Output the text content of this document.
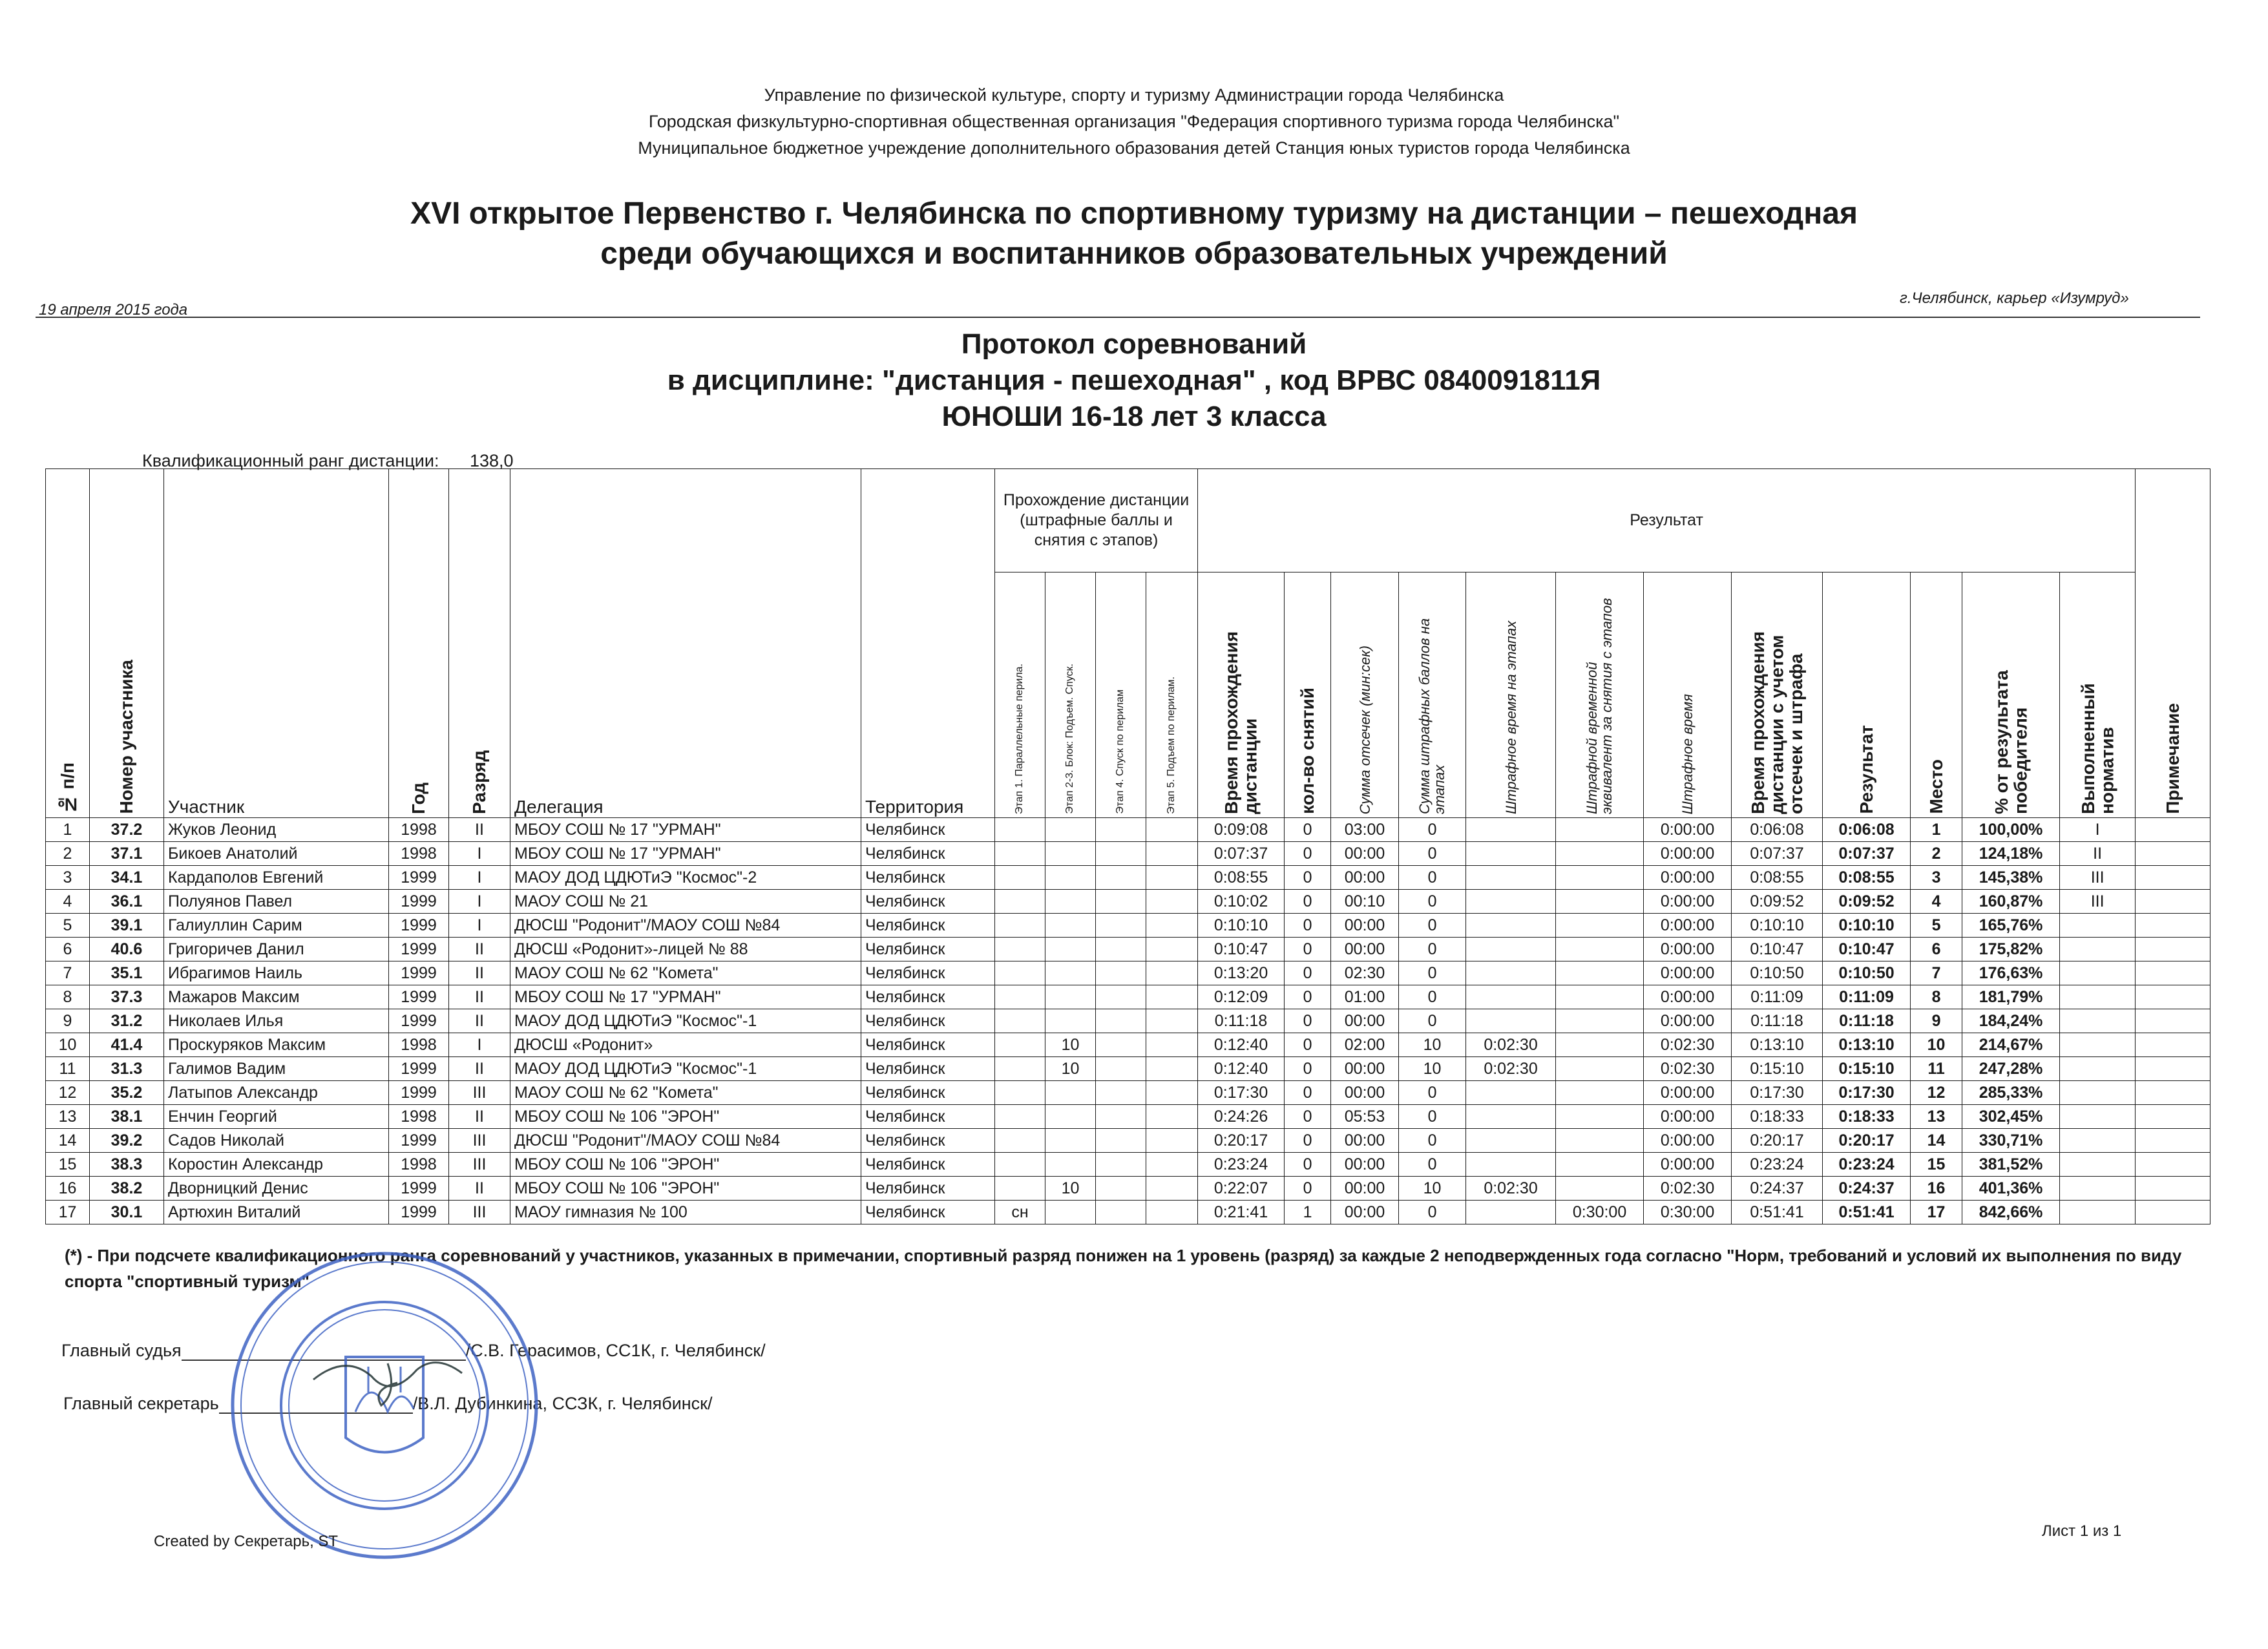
Управление по физической культуре, спорту и туризму Администрации города Челябинска
Городская физкультурно-спортивная общественная организация "Федерация спортивного туризма города Челябинска"
Муниципальное бюджетное учреждение дополнительного образования детей Станция юных туристов города Челябинска
XVI открытое Первенство г. Челябинска по спортивному туризму на дистанции – пешеходная
среди обучающихся и воспитанников образовательных учреждений
19 апреля 2015 года
г.Челябинск, карьер «Изумруд»
Протокол соревнований
в дисциплине: "дистанция - пешеходная" , код ВРВС 0840091811Я
ЮНОШИ 16-18 лет 3 класса
Квалификационный ранг дистанции: 138,0
№ п/п	Номер участника	Участник	Год	Разряд	Делегация	Территория	Прохождение дистанции (штрафные баллы и снятия с этапов)				Результат												Примечание
							Этап 1. Параллельные перила.	Этап 2-3. Блок: Подъем. Спуск.	Этап 4. Спуск по перилам	Этап 5. Подъем по перилам.	Время прохождения дистанции	кол-во снятий	Сумма отсечек (мин:сек)	Сумма штрафных баллов на этапах	Штрафное время на этапах	Штрафной временной эквивалент за снятия с этапов	Штрафное время	Время прохождения дистанции с учетом отсечек и штрафа	Результат	Место	% от результата победителя	Выполненный норматив	
1	37.2	Жуков Леонид	1998	II	МБОУ СОШ № 17 "УРМАН"	Челябинск					0:09:08	0	03:00	0			0:00:00	0:06:08	0:06:08	1	100,00%	I	
2	37.1	Бикоев Анатолий	1998	I	МБОУ СОШ № 17 "УРМАН"	Челябинск					0:07:37	0	00:00	0			0:00:00	0:07:37	0:07:37	2	124,18%	II	
3	34.1	Кардаполов Евгений	1999	I	МАОУ ДОД ЦДЮТиЭ "Космос"-2	Челябинск					0:08:55	0	00:00	0			0:00:00	0:08:55	0:08:55	3	145,38%	III	
4	36.1	Полуянов Павел	1999	I	МАОУ СОШ № 21	Челябинск					0:10:02	0	00:10	0			0:00:00	0:09:52	0:09:52	4	160,87%	III	
5	39.1	Галиуллин Сарим	1999	I	ДЮСШ "Родонит"/МАОУ СОШ №84	Челябинск					0:10:10	0	00:00	0			0:00:00	0:10:10	0:10:10	5	165,76%		
6	40.6	Григоричев Данил	1999	II	ДЮСШ «Родонит»-лицей № 88	Челябинск					0:10:47	0	00:00	0			0:00:00	0:10:47	0:10:47	6	175,82%		
7	35.1	Ибрагимов Наиль	1999	II	МАОУ СОШ № 62 "Комета"	Челябинск					0:13:20	0	02:30	0			0:00:00	0:10:50	0:10:50	7	176,63%		
8	37.3	Мажаров Максим	1999	II	МБОУ СОШ № 17 "УРМАН"	Челябинск					0:12:09	0	01:00	0			0:00:00	0:11:09	0:11:09	8	181,79%		
9	31.2	Николаев Илья	1999	II	МАОУ ДОД ЦДЮТиЭ "Космос"-1	Челябинск					0:11:18	0	00:00	0			0:00:00	0:11:18	0:11:18	9	184,24%		
10	41.4	Проскуряков Максим	1998	I	ДЮСШ «Родонит»	Челябинск		10			0:12:40	0	02:00	10	0:02:30		0:02:30	0:13:10	0:13:10	10	214,67%		
11	31.3	Галимов Вадим	1999	II	МАОУ ДОД ЦДЮТиЭ "Космос"-1	Челябинск		10			0:12:40	0	00:00	10	0:02:30		0:02:30	0:15:10	0:15:10	11	247,28%		
12	35.2	Латыпов Александр	1999	III	МАОУ СОШ № 62 "Комета"	Челябинск					0:17:30	0	00:00	0			0:00:00	0:17:30	0:17:30	12	285,33%		
13	38.1	Енчин Георгий	1998	II	МБОУ СОШ № 106 "ЭРОН"	Челябинск					0:24:26	0	05:53	0			0:00:00	0:18:33	0:18:33	13	302,45%		
14	39.2	Садов Николай	1999	III	ДЮСШ "Родонит"/МАОУ СОШ №84	Челябинск					0:20:17	0	00:00	0			0:00:00	0:20:17	0:20:17	14	330,71%		
15	38.3	Коростин Александр	1998	III	МБОУ СОШ № 106 "ЭРОН"	Челябинск					0:23:24	0	00:00	0			0:00:00	0:23:24	0:23:24	15	381,52%		
16	38.2	Дворницкий Денис	1999	II	МБОУ СОШ № 106 "ЭРОН"	Челябинск		10			0:22:07	0	00:00	10	0:02:30		0:02:30	0:24:37	0:24:37	16	401,36%		
17	30.1	Артюхин Виталий	1999	III	МАОУ гимназия № 100	Челябинск	сн				0:21:41	1	00:00	0		0:30:00	0:30:00	0:51:41	0:51:41	17	842,66%		
(*) - При подсчете квалификационного ранга соревнований у участников, указанных в примечании, спортивный разряд понижен на 1 уровень (разряд) за каждые 2 неподвержденных года согласно "Норм, требований и условий их выполнения по виду спорта "спортивный туризм"
Главный судья	/С.В. Герасимов, СС1К, г. Челябинск/
Главный секретарь	/В.Л. Дубинкина, ССЗК, г. Челябинск/
Created by Секретарь, ST
Лист 1 из 1
